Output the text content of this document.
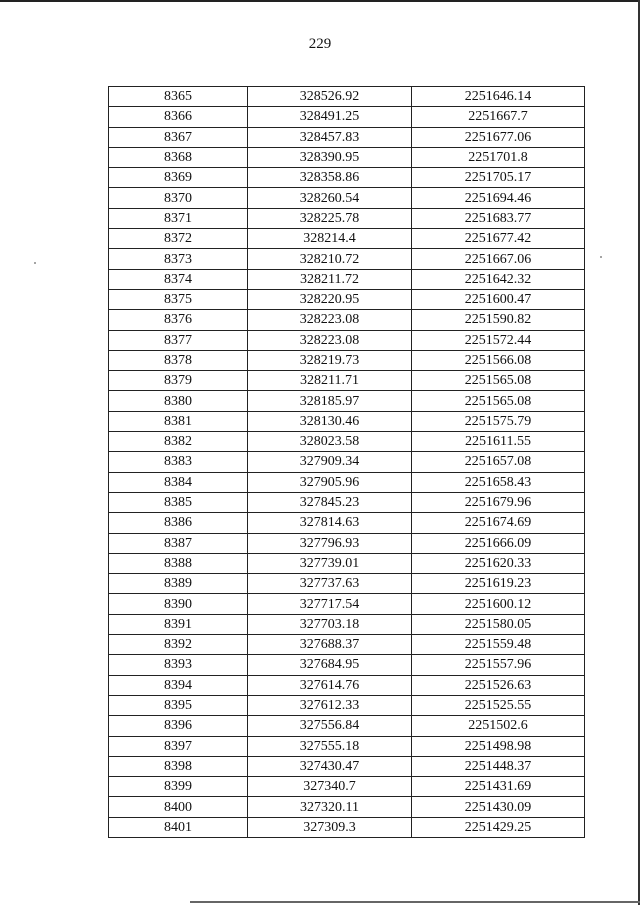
229
8365	328526.92	2251646.14
8366	328491.25	2251667.7
8367	328457.83	2251677.06
8368	328390.95	2251701.8
8369	328358.86	2251705.17
8370	328260.54	2251694.46
8371	328225.78	2251683.77
8372	328214.4	2251677.42
8373	328210.72	2251667.06
8374	328211.72	2251642.32
8375	328220.95	2251600.47
8376	328223.08	2251590.82
8377	328223.08	2251572.44
8378	328219.73	2251566.08
8379	328211.71	2251565.08
8380	328185.97	2251565.08
8381	328130.46	2251575.79
8382	328023.58	2251611.55
8383	327909.34	2251657.08
8384	327905.96	2251658.43
8385	327845.23	2251679.96
8386	327814.63	2251674.69
8387	327796.93	2251666.09
8388	327739.01	2251620.33
8389	327737.63	2251619.23
8390	327717.54	2251600.12
8391	327703.18	2251580.05
8392	327688.37	2251559.48
8393	327684.95	2251557.96
8394	327614.76	2251526.63
8395	327612.33	2251525.55
8396	327556.84	2251502.6
8397	327555.18	2251498.98
8398	327430.47	2251448.37
8399	327340.7	2251431.69
8400	327320.11	2251430.09
8401	327309.3	2251429.25
